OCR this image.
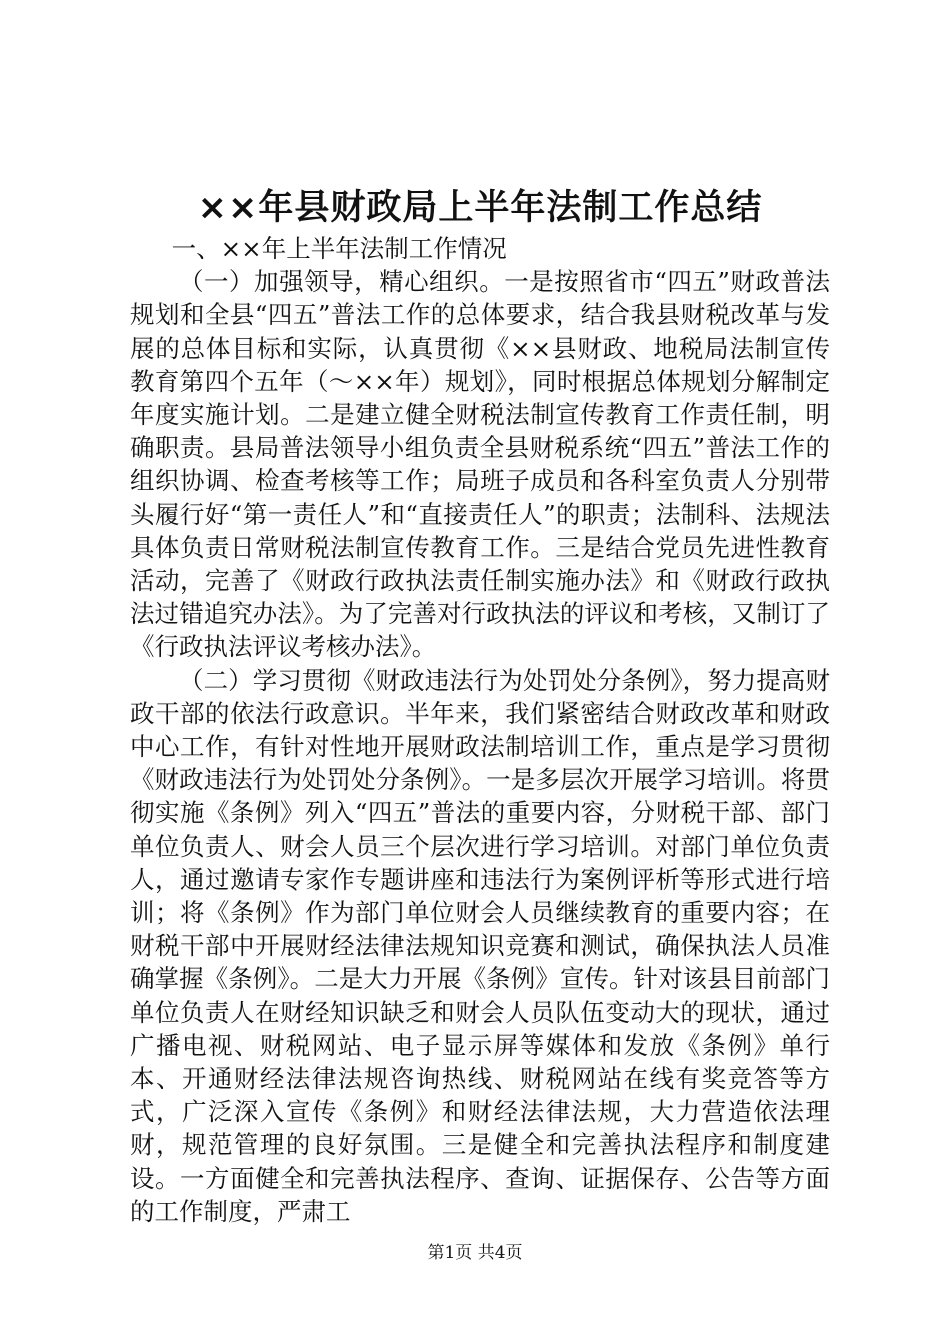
××年县财政局上半年法制工作总结

一、××年上半年法制工作情况

（一）加强领导，精心组织。一是按照省市“四五”财政普法规划和全县“四五”普法工作的总体要求，结合我县财税改革与发展的总体目标和实际，认真贯彻《××县财政、地税局法制宣传教育第四个五年（～××年）规划》，同时根据总体规划分解制定年度实施计划。二是建立健全财税法制宣传教育工作责任制，明确职责。县局普法领导小组负责全县财税系统“四五”普法工作的组织协调、检查考核等工作；局班子成员和各科室负责人分别带头履行好“第一责任人”和“直接责任人”的职责；法制科、法规法具体负责日常财税法制宣传教育工作。三是结合党员先进性教育活动，完善了《财政行政执法责任制实施办法》和《财政行政执法过错追究办法》。为了完善对行政执法的评议和考核，又制订了《行政执法评议考核办法》。

（二）学习贯彻《财政违法行为处罚处分条例》，努力提高财政干部的依法行政意识。半年来，我们紧密结合财政改革和财政中心工作，有针对性地开展财政法制培训工作，重点是学习贯彻《财政违法行为处罚处分条例》。一是多层次开展学习培训。将贯彻实施《条例》列入“四五”普法的重要内容，分财税干部、部门单位负责人、财会人员三个层次进行学习培训。对部门单位负责人，通过邀请专家作专题讲座和违法行为案例评析等形式进行培训；将《条例》作为部门单位财会人员继续教育的重要内容；在财税干部中开展财经法律法规知识竞赛和测试，确保执法人员准确掌握《条例》。二是大力开展《条例》宣传。针对该县目前部门单位负责人在财经知识缺乏和财会人员队伍变动大的现状，通过广播电视、财税网站、电子显示屏等媒体和发放《条例》单行本、开通财经法律法规咨询热线、财税网站在线有奖竞答等方式，广泛深入宣传《条例》和财经法律法规，大力营造依法理财，规范管理的良好氛围。三是健全和完善执法程序和制度建设。一方面健全和完善执法程序、查询、证据保存、公告等方面的工作制度，严肃工

第1页 共4页
